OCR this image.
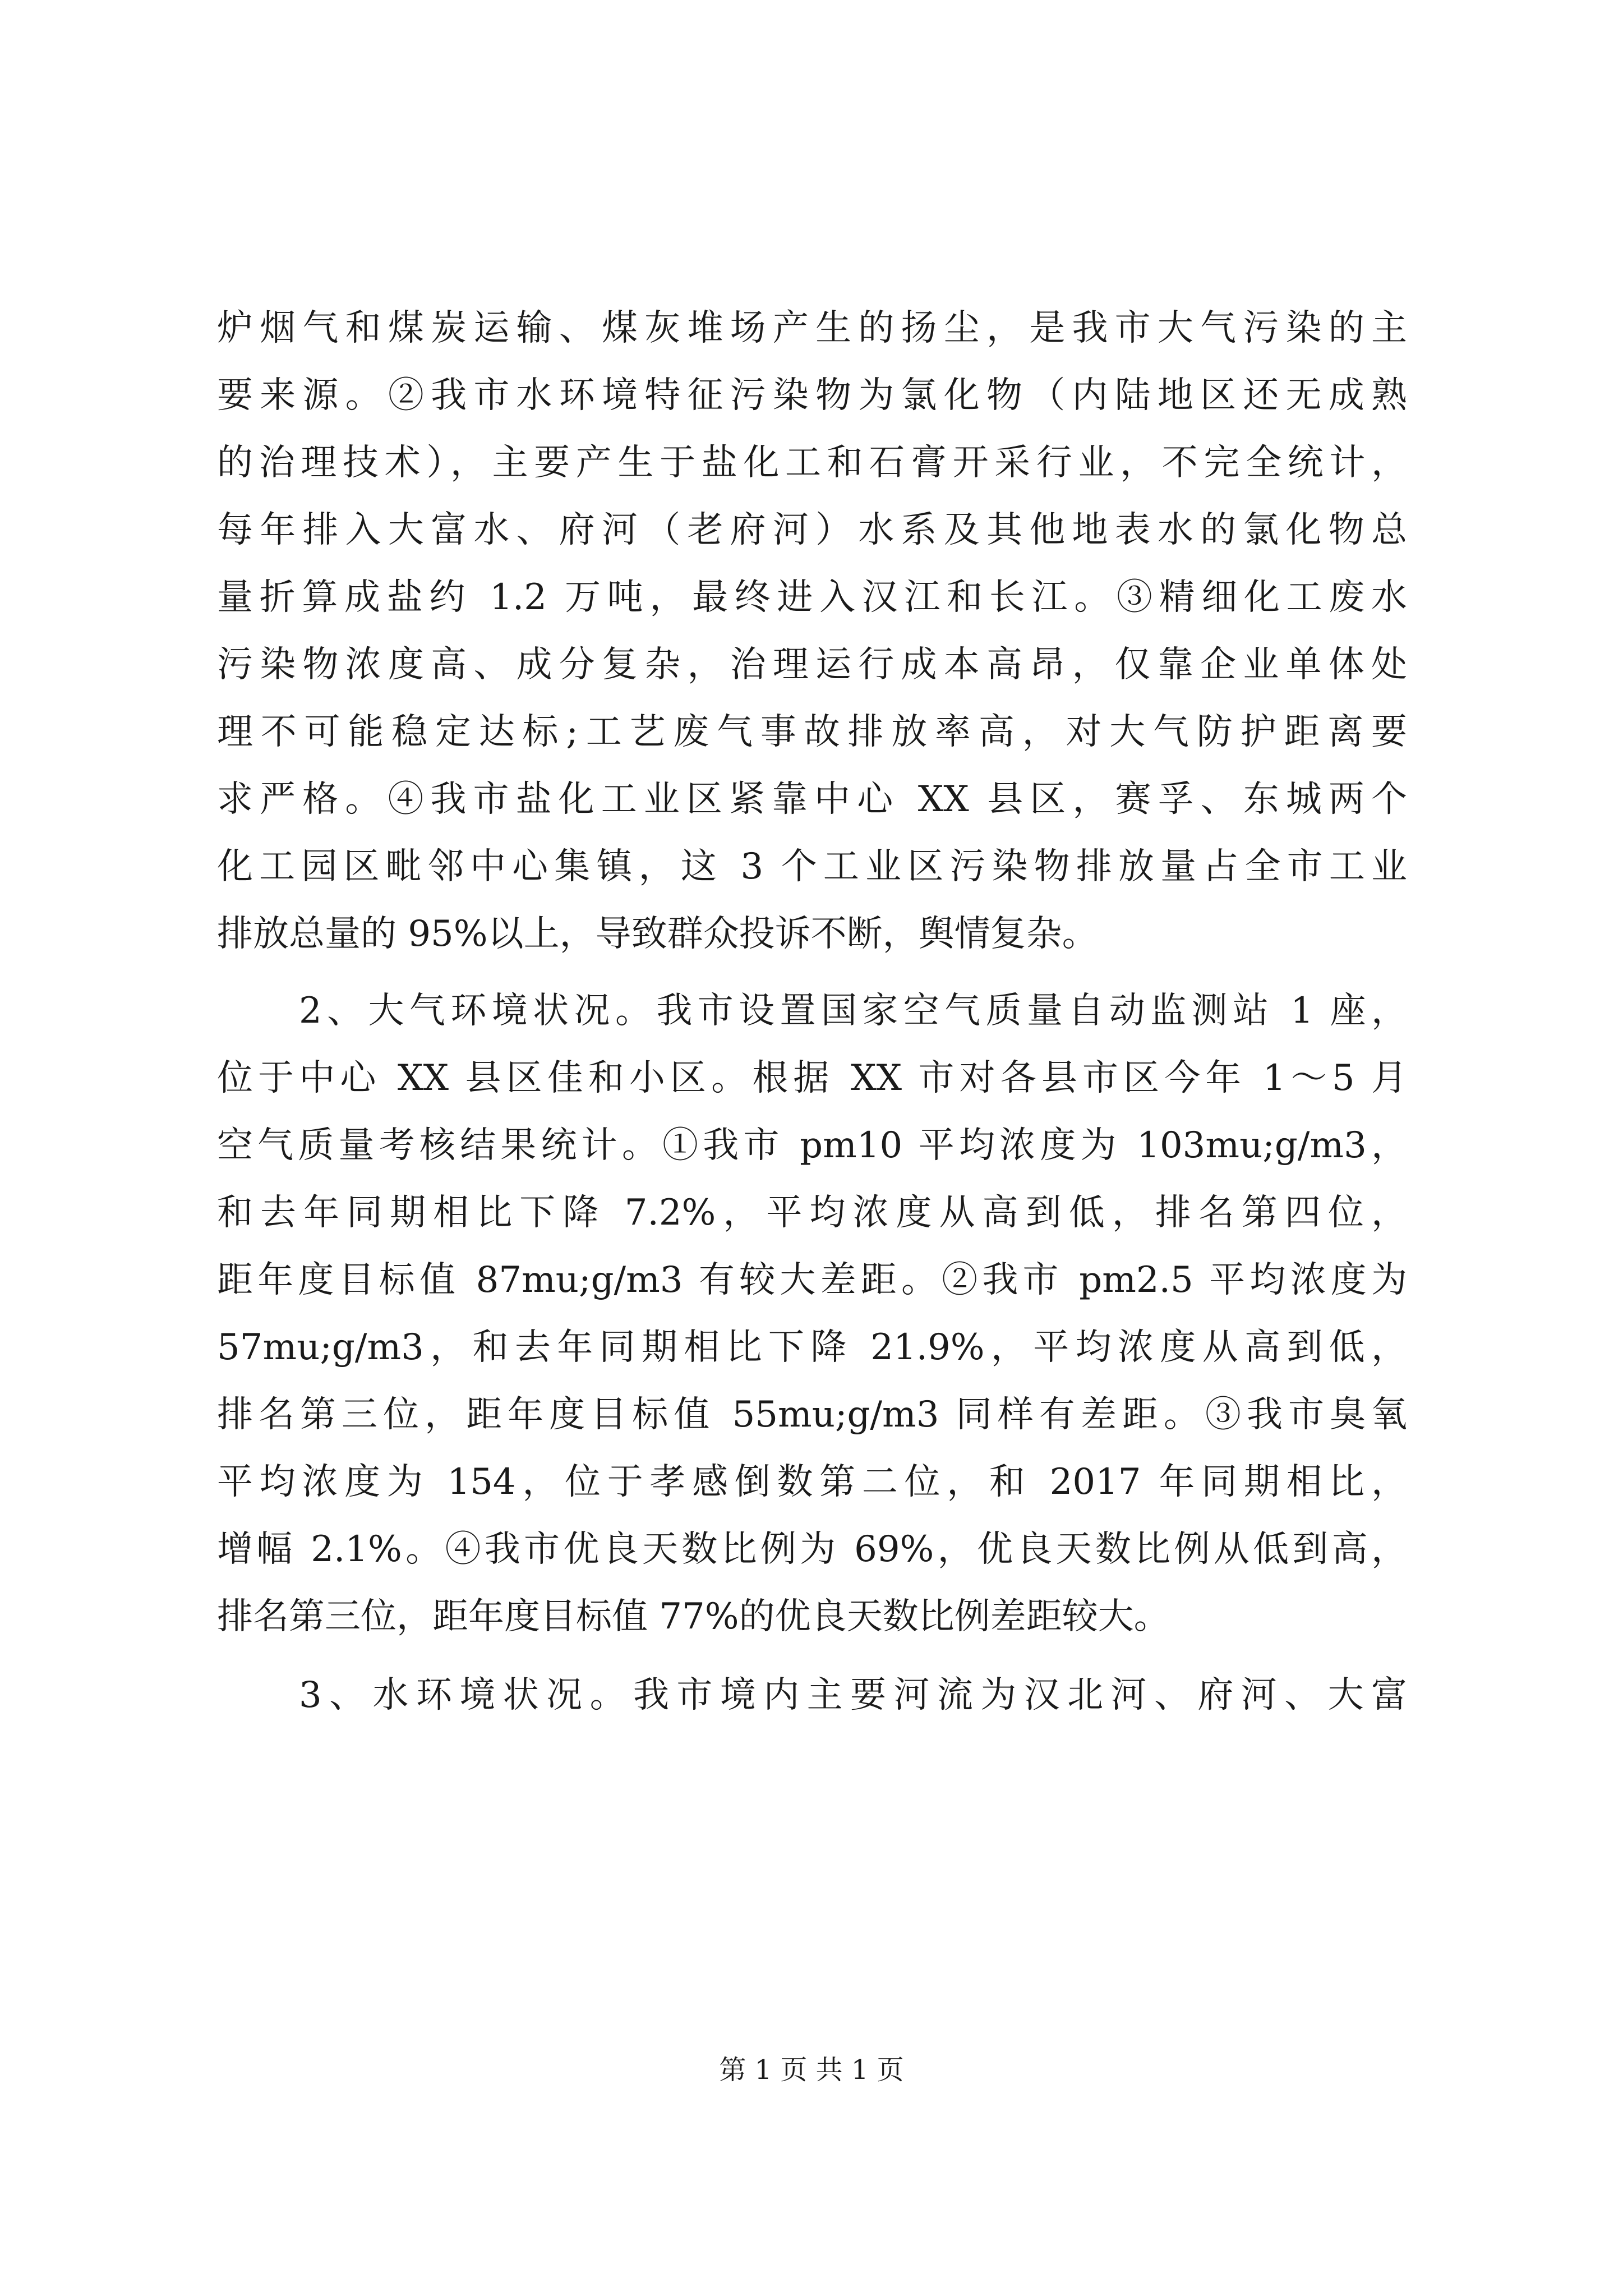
炉烟气和煤炭运输、煤灰堆场产生的扬尘，是我市大气污染的主
要来源。②我市水环境特征污染物为氯化物（内陆地区还无成熟
的治理技术），主要产生于盐化工和石膏开采行业，不完全统计，
每年排入大富水、府河（老府河）水系及其他地表水的氯化物总
量折算成盐约 1.2 万吨，最终进入汉江和长江。③精细化工废水
污染物浓度高、成分复杂，治理运行成本高昂，仅靠企业单体处
理不可能稳定达标;工艺废气事故排放率高，对大气防护距离要
求严格。④我市盐化工业区紧靠中心 XX 县区，赛孚、东城两个
化工园区毗邻中心集镇，这 3 个工业区污染物排放量占全市工业
排放总量的 95%以上，导致群众投诉不断，舆情复杂。
2、大气环境状况。我市设置国家空气质量自动监测站 1 座，
位于中心 XX 县区佳和小区。根据 XX 市对各县市区今年 1～5 月
空气质量考核结果统计。①我市 pm10 平均浓度为 103mu;g/m3，
和去年同期相比下降 7.2%，平均浓度从高到低，排名第四位，
距年度目标值 87mu;g/m3 有较大差距。②我市 pm2.5 平均浓度为
57mu;g/m3，和去年同期相比下降 21.9%，平均浓度从高到低，
排名第三位，距年度目标值 55mu;g/m3 同样有差距。③我市臭氧
平均浓度为 154，位于孝感倒数第二位，和 2017 年同期相比，
增幅 2.1%。④我市优良天数比例为 69%，优良天数比例从低到高，
排名第三位，距年度目标值 77%的优良天数比例差距较大。
3、水环境状况。我市境内主要河流为汉北河、府河、大富
第 1 页 共 1 页
